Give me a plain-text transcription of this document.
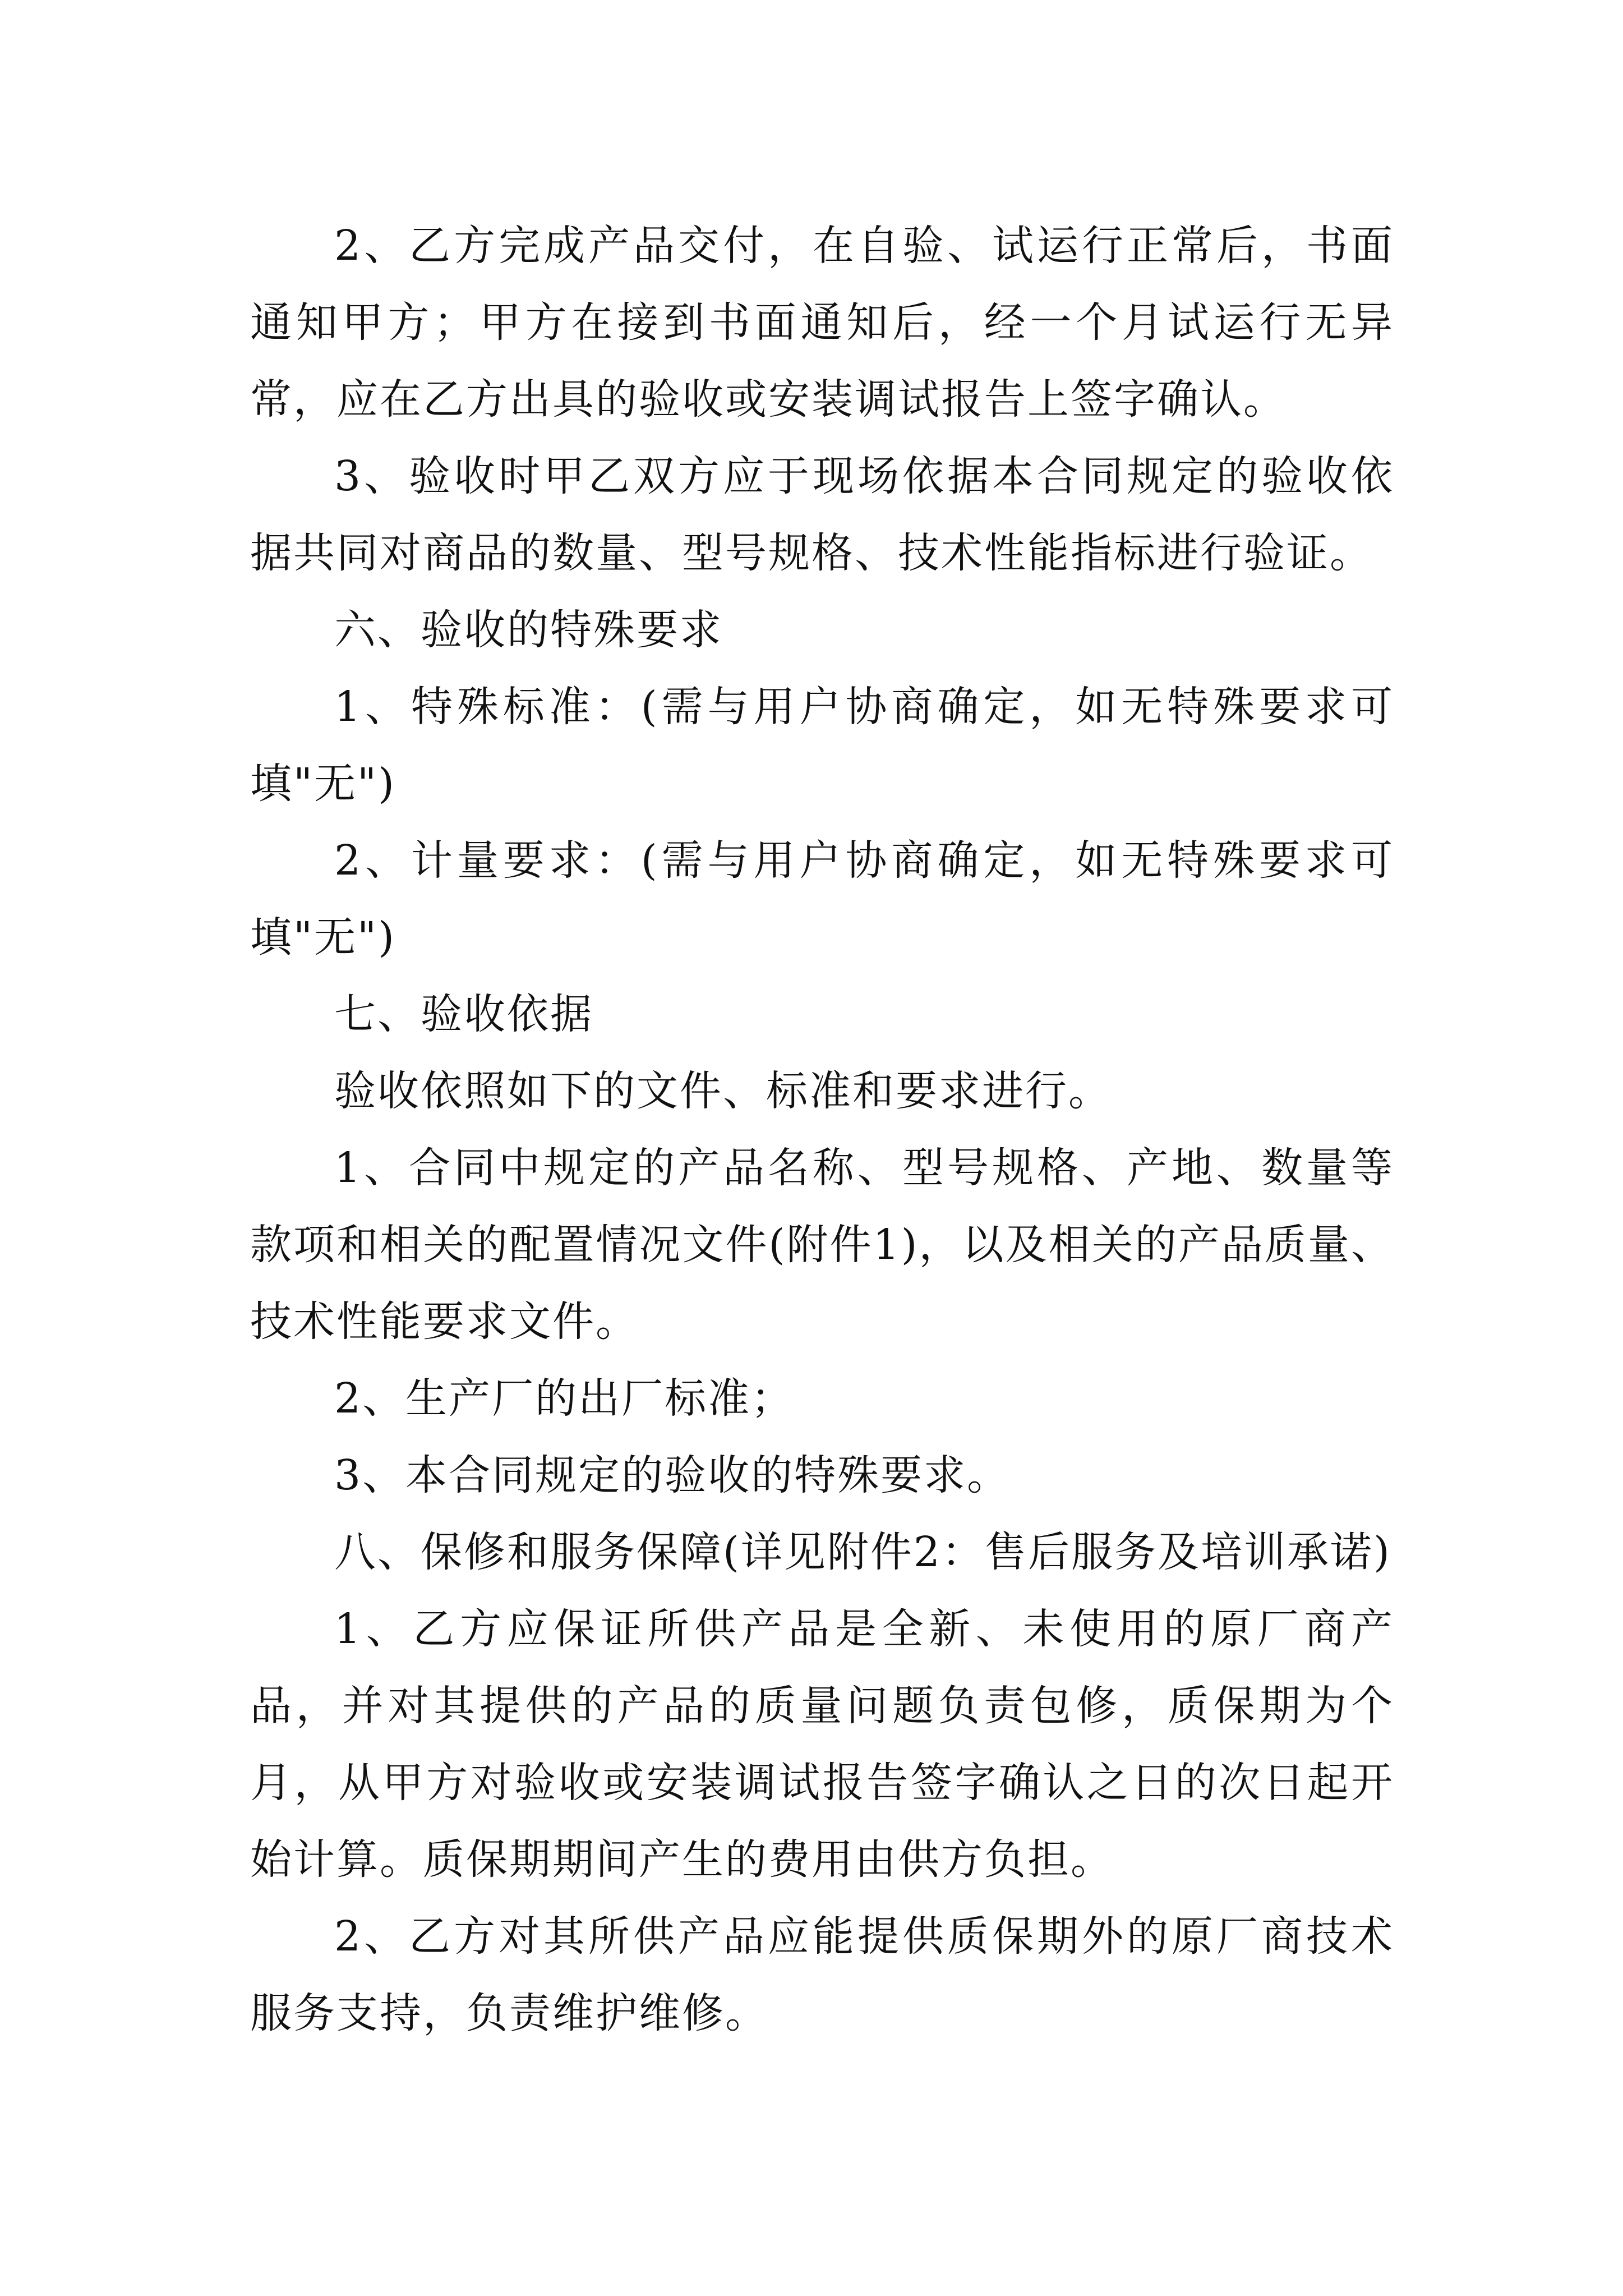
2、乙方完成产品交付，在自验、试运行正常后，书面通知甲方；甲方在接到书面通知后，经一个月试运行无异常，应在乙方出具的验收或安装调试报告上签字确认。

3、验收时甲乙双方应于现场依据本合同规定的验收依据共同对商品的数量、型号规格、技术性能指标进行验证。

六、验收的特殊要求

1、特殊标准：(需与用户协商确定，如无特殊要求可填"无")

2、计量要求：(需与用户协商确定，如无特殊要求可填"无")

七、验收依据

验收依照如下的文件、标准和要求进行。

1、合同中规定的产品名称、型号规格、产地、数量等款项和相关的配置情况文件(附件1)，以及相关的产品质量、技术性能要求文件。

2、生产厂的出厂标准；

3、本合同规定的验收的特殊要求。

八、保修和服务保障(详见附件2：售后服务及培训承诺)

1、乙方应保证所供产品是全新、未使用的原厂商产品，并对其提供的产品的质量问题负责包修，质保期为个月，从甲方对验收或安装调试报告签字确认之日的次日起开始计算。质保期期间产生的费用由供方负担。

2、乙方对其所供产品应能提供质保期外的原厂商技术服务支持，负责维护维修。
